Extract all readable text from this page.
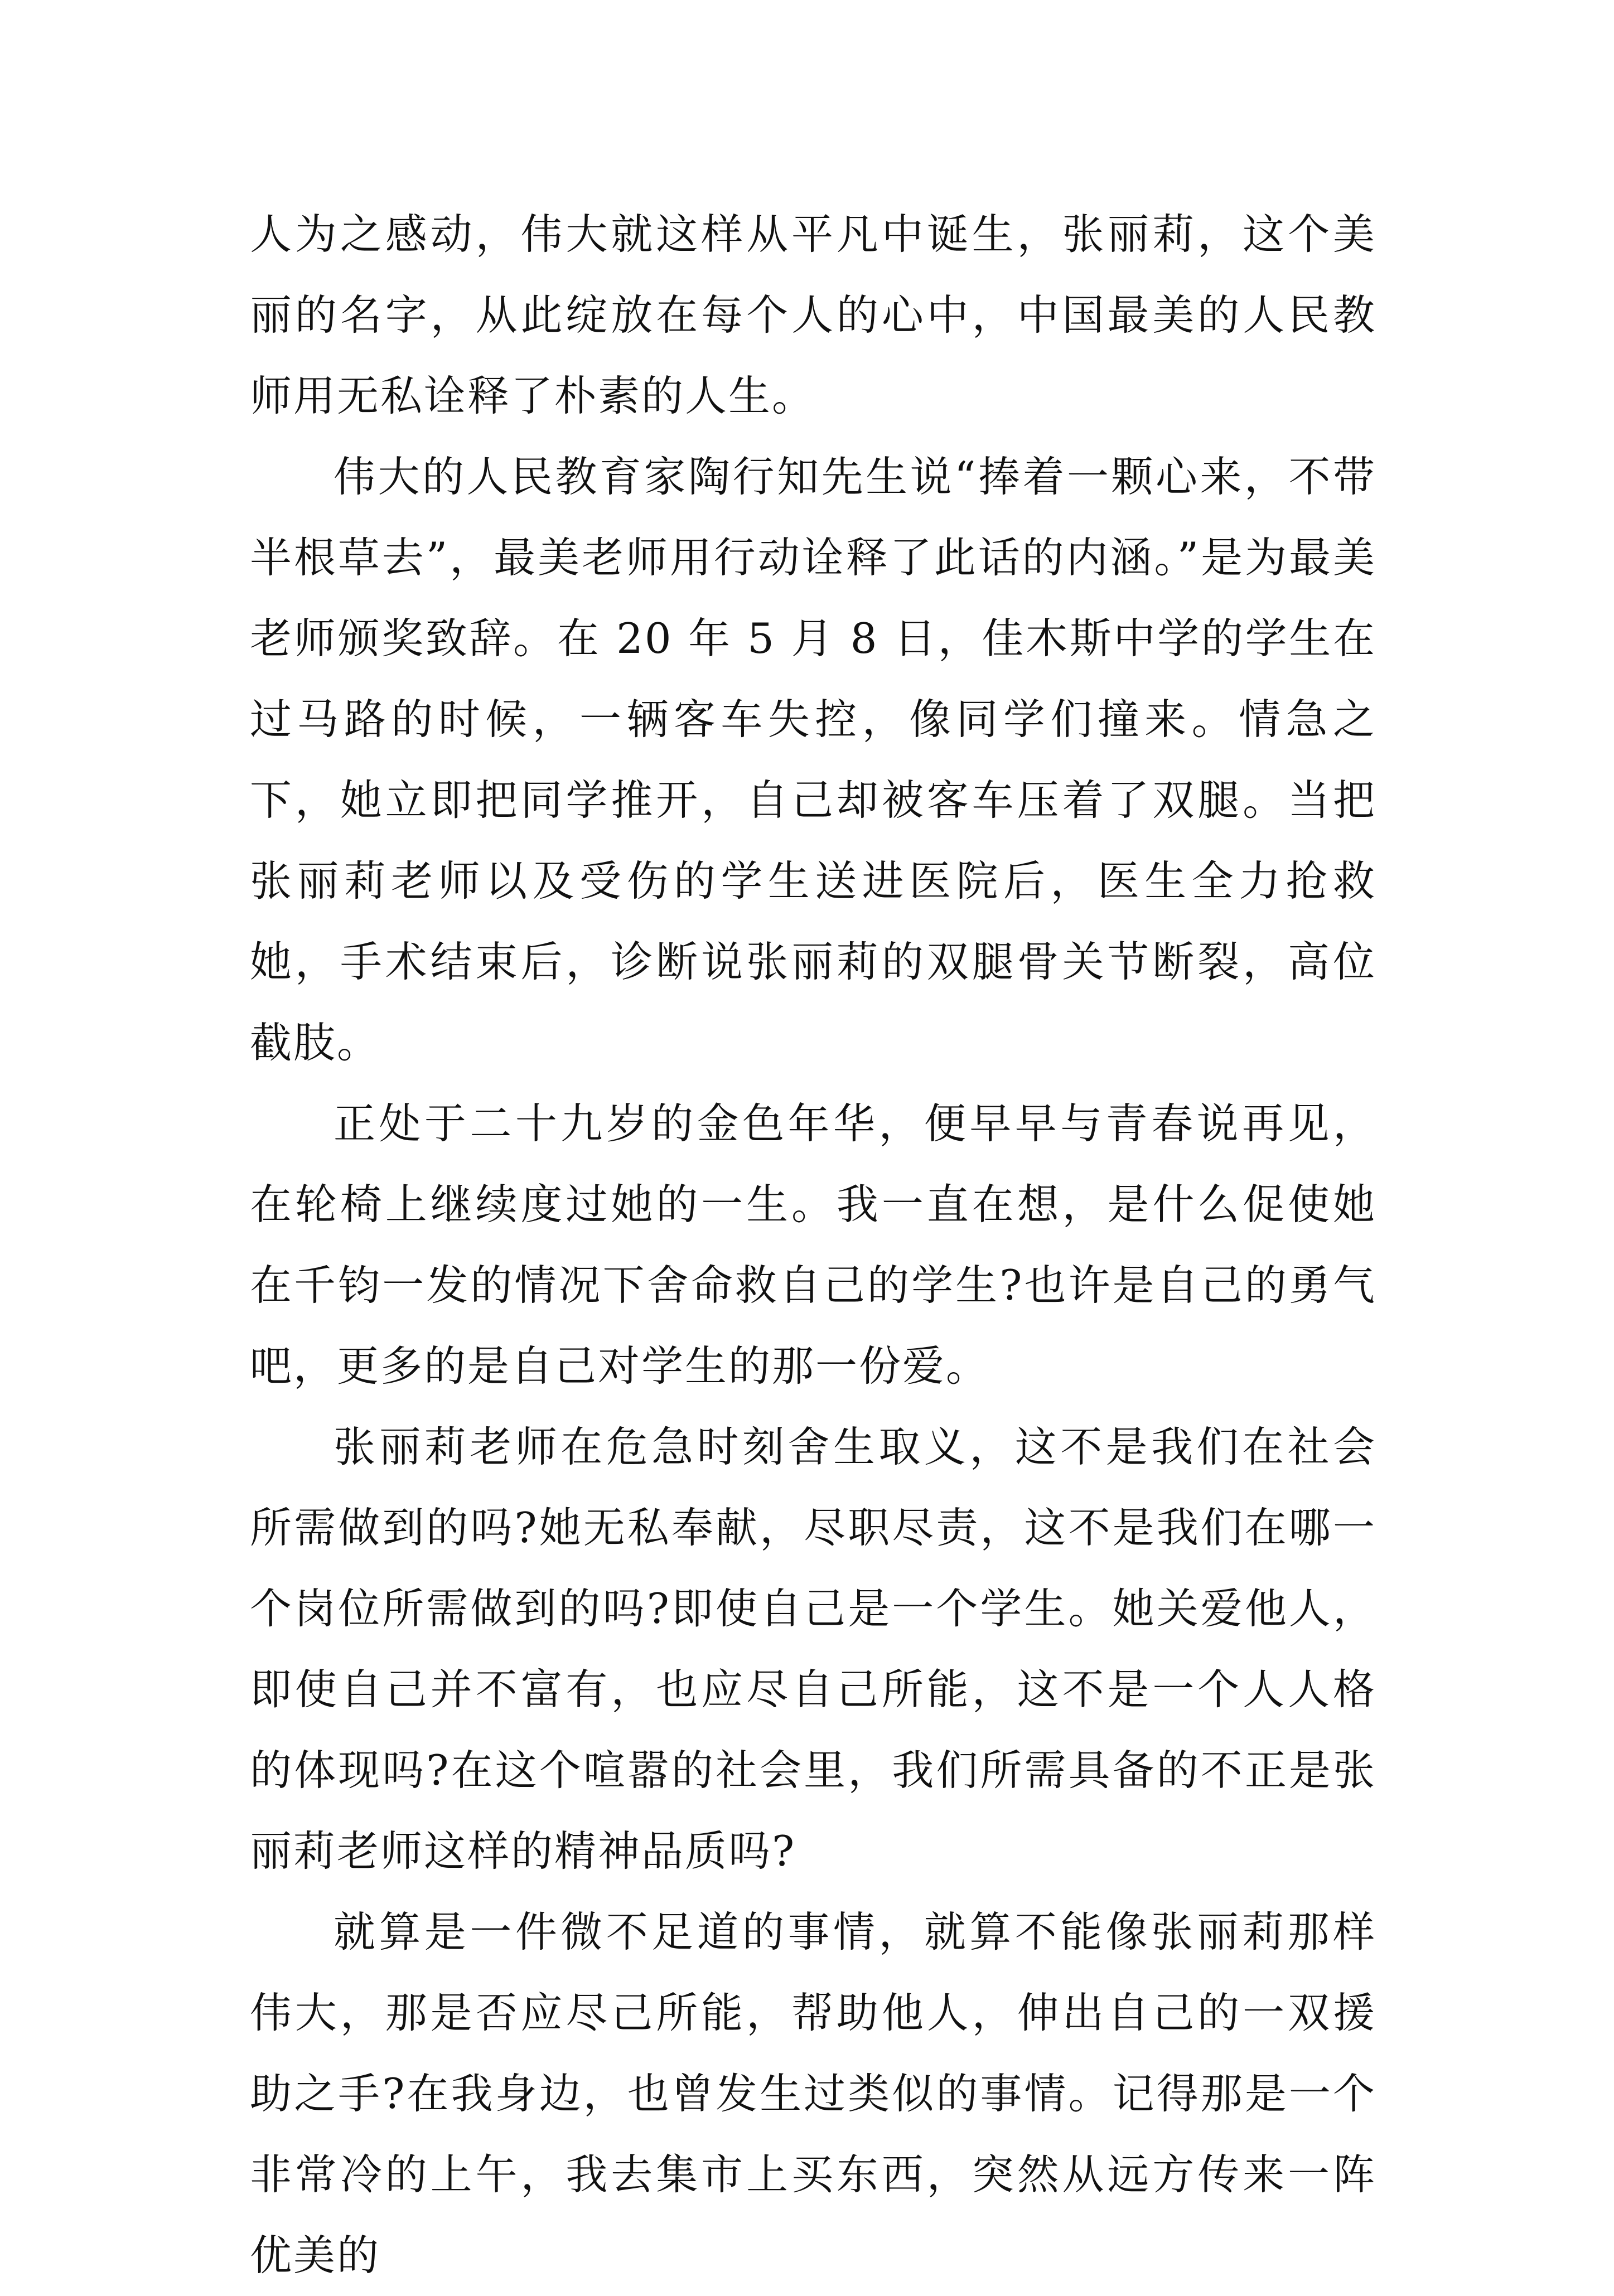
人为之感动，伟大就这样从平凡中诞生，张丽莉，这个美丽的名字，从此绽放在每个人的心中，中国最美的人民教师用无私诠释了朴素的人生。

伟大的人民教育家陶行知先生说“捧着一颗心来，不带半根草去”，最美老师用行动诠释了此话的内涵。”是为最美老师颁奖致辞。在 20 年 5 月 8 日，佳木斯中学的学生在过马路的时候，一辆客车失控，像同学们撞来。情急之下，她立即把同学推开，自己却被客车压着了双腿。当把张丽莉老师以及受伤的学生送进医院后，医生全力抢救她，手术结束后，诊断说张丽莉的双腿骨关节断裂，高位截肢。

正处于二十九岁的金色年华，便早早与青春说再见，在轮椅上继续度过她的一生。我一直在想，是什么促使她在千钧一发的情况下舍命救自己的学生?也许是自己的勇气吧，更多的是自己对学生的那一份爱。

张丽莉老师在危急时刻舍生取义，这不是我们在社会所需做到的吗?她无私奉献，尽职尽责，这不是我们在哪一个岗位所需做到的吗?即使自己是一个学生。她关爱他人，即使自己并不富有，也应尽自己所能，这不是一个人人格的体现吗?在这个喧嚣的社会里，我们所需具备的不正是张丽莉老师这样的精神品质吗?

就算是一件微不足道的事情，就算不能像张丽莉那样伟大，那是否应尽己所能，帮助他人，伸出自己的一双援助之手?在我身边，也曾发生过类似的事情。记得那是一个非常冷的上午，我去集市上买东西，突然从远方传来一阵优美的
